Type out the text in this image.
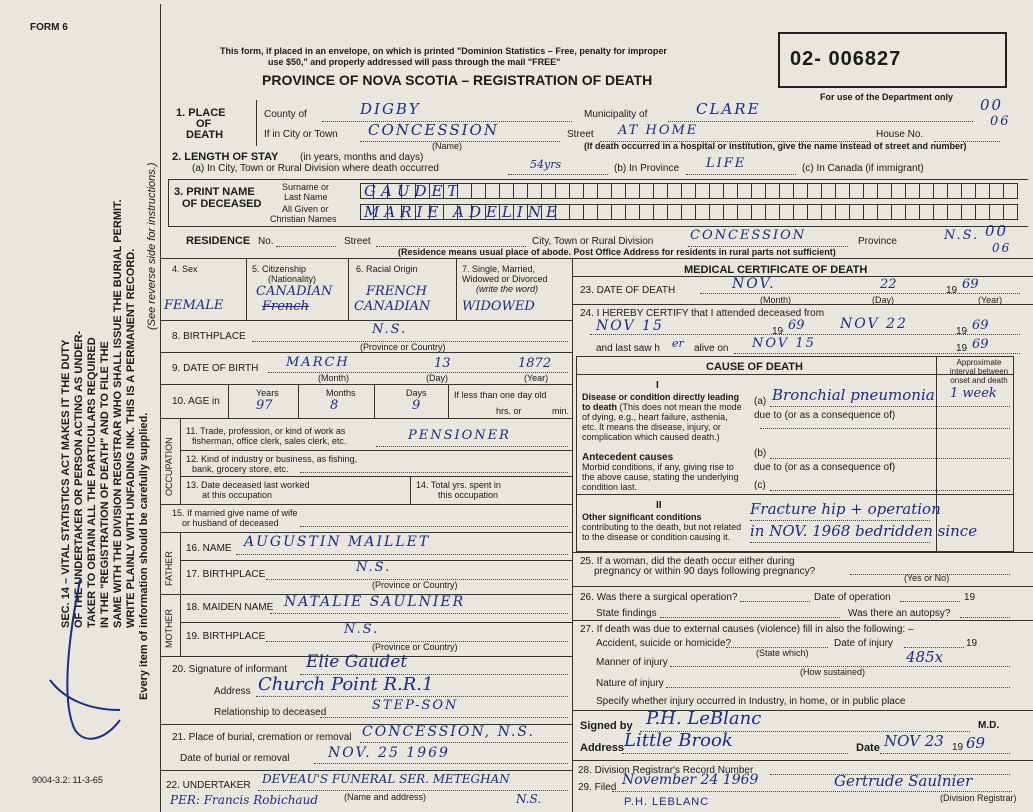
FORM 6
This form, if placed in an envelope, on which is printed "Dominion Statistics – Free, penalty for improper
use $50," and properly addressed will pass through the mail "FREE"
PROVINCE OF NOVA SCOTIA – REGISTRATION OF DEATH
02- 006827
For use of the Department only 00
06
SEC. 14 – VITAL STATISTICS ACT MAKES IT THE DUTY OF THE UNDERTAKER OR PERSON ACTING AS UNDER- TAKER TO OBTAIN ALL THE PARTICULARS REQUIRED IN THE "REGISTRATION OF DEATH" AND TO FILE THE SAME WITH THE DIVISION REGISTRAR WHO SHALL ISSUE THE BURIAL PERMIT. WRITE PLAINLY WITH UNFADING INK. THIS IS A PERMANENT RECORD. Every item of information should be carefully supplied.
(See reverse side for instructions.)
9004-3.2: 11-3-65
1. PLACE
OF
DEATH
County of	DIGBY	Municipality of	CLARE
If in City or Town CONCESSION
(Name)
Street AT HOME	House No.
(If death occurred in a hospital or institution, give the name instead of street and number)
2. LENGTH OF STAY (in years, months and days)
(a) In City, Town or Rural Division where death occurred	54yrs	(b) In Province LIFE	(c) In Canada (if immigrant)
3. PRINT NAME
OF DECEASED
Surname or
Last Name
All Given or
Christian Names
GAUDET
MARIE ADELINE
RESIDENCE No.	Street	City, Town or Rural Division	CONCESSION	Province	N.S.
(Residence means usual place of abode. Post Office Address for residents in rural parts not sufficient)
00
06
4. Sex
FEMALE
5. Citizenship
(Nationality)
CANADIAN
French
6. Racial Origin
FRENCH
CANADIAN
7. Single, Married,
Widowed or Divorced
(write the word)
WIDOWED
8. BIRTHPLACE	N.S.
(Province or Country)
9. DATE OF BIRTH MARCH	13	1872
(Month)	(Day)	(Year)
10. AGE in
Years	Months	Days
97	8	9
If less than one day old
hrs. or	min.
OCCUPATION
11. Trade, profession, or kind of work as
fisherman, office clerk, sales clerk, etc.	PENSIONER
12. Kind of industry or business, as fishing,
bank, grocery store, etc.
13. Date deceased last worked
at this occupation
14. Total yrs. spent in
this occupation
15. If married give name of wife
or husband of deceased
FATHER
16. NAME AUGUSTIN MAILLET
17. BIRTHPLACE	N.S.
(Province or Country)
MOTHER
18. MAIDEN NAME NATALIE SAULNIER
19. BIRTHPLACE	N.S.
(Province or Country)
20. Signature of informant Elie Gaudet
Address Church Point R.R.1
Relationship to deceased	STEP-SON
21. Place of burial, cremation or removal CONCESSION, N.S.
Date of burial or removal	NOV. 25 1969
22. UNDERTAKER DEVEAU'S FUNERAL SER. METEGHAN
(Name and address)	N.S.
PER: Francis Robichaud
MEDICAL CERTIFICATE OF DEATH
23. DATE OF DEATH	NOV.	22	19 69
(Month)	(Day)	(Year)
24. I HEREBY CERTIFY that I attended deceased from
NOV 15	19 69	NOV 22	19 69
and last saw h er alive on NOV 15	19 69
CAUSE OF DEATH	Approximate interval between onset and death
I
Disease or condition directly leading to death (This does not mean the mode of dying, e.g., heart failure, asthenia, etc. It means the disease, injury, or complication which caused death.)
(a) Bronchial pneumonia 1 week
due to (or as a consequence of)
Antecedent causes
Morbid conditions, if any, giving rise to the above cause, stating the underlying condition last.
(b)
due to (or as a consequence of)
(c)
II
Other significant conditions
contributing to the death, but not related to the disease or condition causing it.
Fracture hip + operation
in NOV. 1968 bedridden since
25. If a woman, did the death occur either during
pregnancy or within 90 days following pregnancy?
(Yes or No)
26. Was there a surgical operation?	Date of operation	19
State findings	Was there an autopsy?
27. If death was due to external causes (violence) fill in also the following: –
Accident, suicide or homicide?
(State which)
Date of injury	19
Manner of injury	485x
(How sustained)
Nature of injury
Specify whether injury occurred in Industry, in home, or in public place
Signed by P.H. LeBlanc	M.D.
Address Little Brook	Date NOV 23 19 69
28. Division Registrar's Record Number
29. Filed November 24 1969	Gertrude Saulnier
(Division Registrar)
P.H. LEBLANC
